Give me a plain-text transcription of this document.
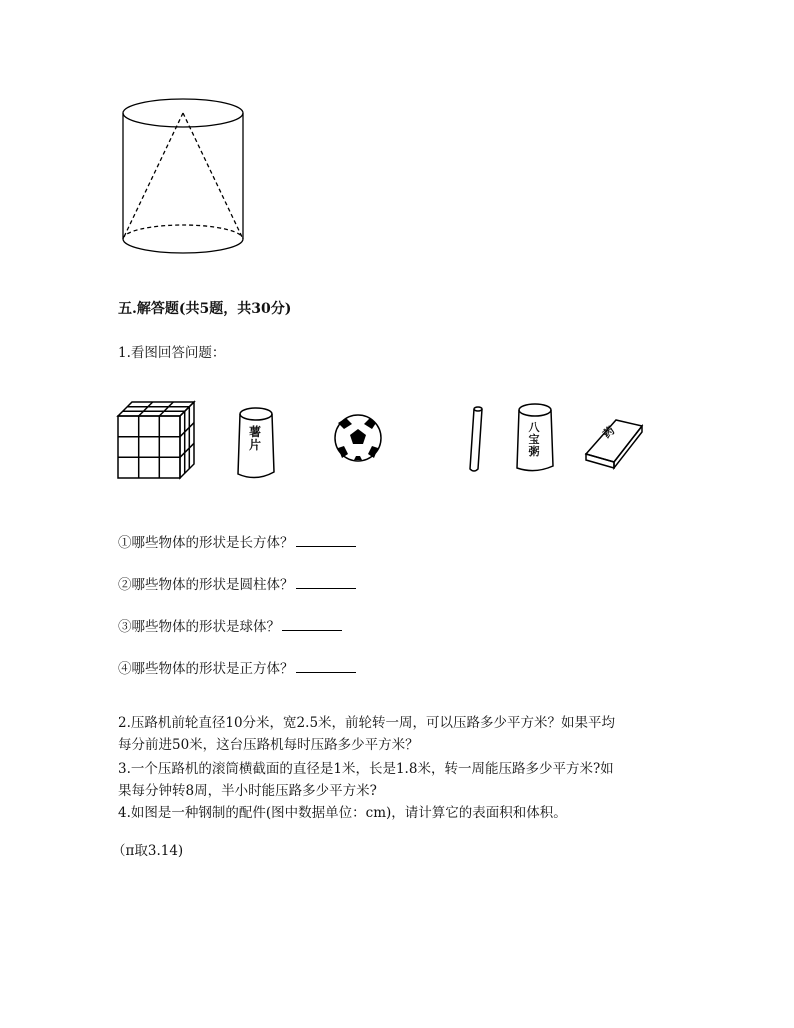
五.解答题(共5题，共30分)
1.看图回答问题：
薯片
八宝粥
药
①哪些物体的形状是长方体？
②哪些物体的形状是圆柱体？
③哪些物体的形状是球体？
④哪些物体的形状是正方体？
2.压路机前轮直径10分米，宽2.5米，前轮转一周，可以压路多少平方米？如果平均
每分前进50米，这台压路机每时压路多少平方米？
3.一个压路机的滚筒横截面的直径是1米，长是1.8米，转一周能压路多少平方米?如
果每分钟转8周，半小时能压路多少平方米?
4.如图是一种钢制的配件(图中数据单位：cm)，请计算它的表面积和体积。
（π取3.14)
